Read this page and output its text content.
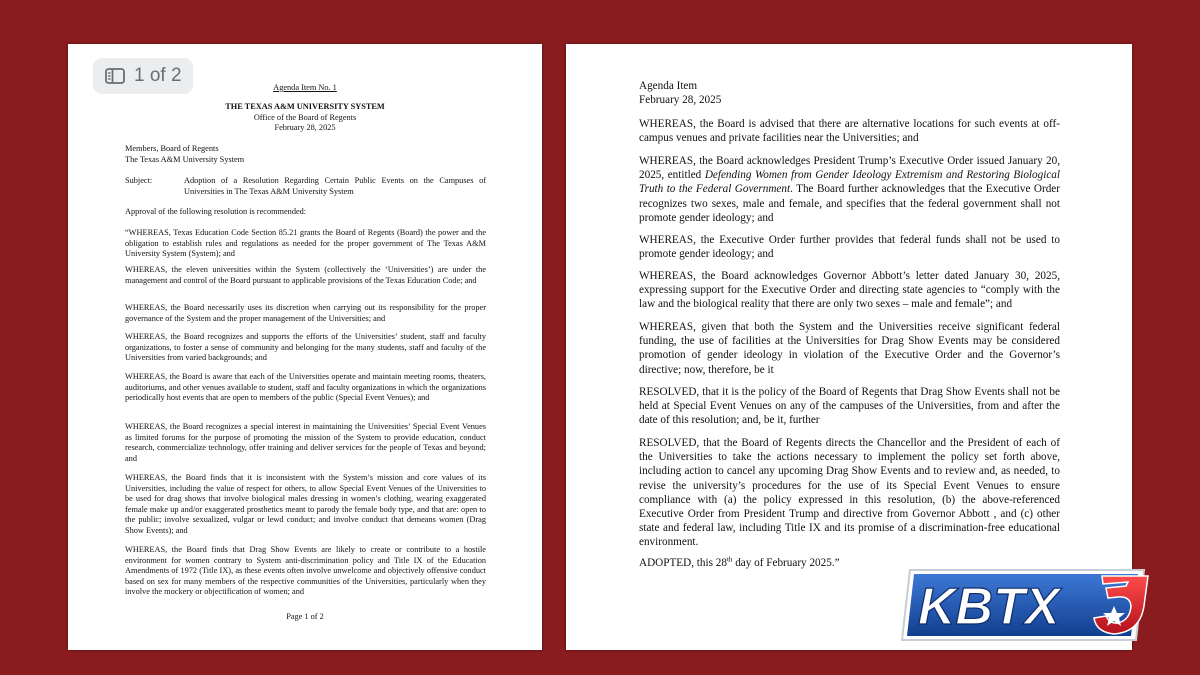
Agenda Item No. 1
THE TEXAS A&M UNIVERSITY SYSTEM
Office of the Board of Regents
February 28, 2025
Members, Board of Regents
The Texas A&M University System
Subject:	Adoption of a Resolution Regarding Certain Public Events on the Campuses of Universities in The Texas A&M University System
Approval of the following resolution is recommended:
“WHEREAS, Texas Education Code Section 85.21 grants the Board of Regents (Board) the power and the obligation to establish rules and regulations as needed for the proper government of The Texas A&M University System (System); and
WHEREAS, the eleven universities within the System (collectively the ‘Universities’) are under the management and control of the Board pursuant to applicable provisions of the Texas Education Code; and
WHEREAS, the Board necessarily uses its discretion when carrying out its responsibility for the proper governance of the System and the proper management of the Universities; and
WHEREAS, the Board recognizes and supports the efforts of the Universities’ student, staff and faculty organizations, to foster a sense of community and belonging for the many students, staff and faculty of the Universities from varied backgrounds; and
WHEREAS, the Board is aware that each of the Universities operate and maintain meeting rooms, theaters, auditoriums, and other venues available to student, staff and faculty organizations in which the organizations periodically host events that are open to members of the public (Special Event Venues); and
WHEREAS, the Board recognizes a special interest in maintaining the Universities’ Special Event Venues as limited forums for the purpose of promoting the mission of the System to provide education, conduct research, commercialize technology, offer training and deliver services for the people of Texas and beyond; and
WHEREAS, the Board finds that it is inconsistent with the System’s mission and core values of its Universities, including the value of respect for others, to allow Special Event Venues of the Universities to be used for drag shows that involve biological males dressing in women’s clothing, wearing exaggerated female make up and/or exaggerated prosthetics meant to parody the female body type, and that are: open to the public; involve sexualized, vulgar or lewd conduct; and involve conduct that demeans women (Drag Show Events); and
WHEREAS, the Board finds that Drag Show Events are likely to create or contribute to a hostile environment for women contrary to System anti-discrimination policy and Title IX of the Education Amendments of 1972 (Title IX), as these events often involve unwelcome and objectively offensive conduct based on sex for many members of the respective communities of the Universities, particularly when they involve the mockery or objectification of women; and
Page 1 of 2
1 of 2	Agenda Item
February 28, 2025
WHEREAS, the Board is advised that there are alternative locations for such events at off-campus venues and private facilities near the Universities; and
WHEREAS, the Board acknowledges President Trump’s Executive Order issued January 20, 2025, entitled Defending Women from Gender Ideology Extremism and Restoring Biological Truth to the Federal Government. The Board further acknowledges that the Executive Order recognizes two sexes, male and female, and specifies that the federal government shall not promote gender ideology; and
WHEREAS, the Executive Order further provides that federal funds shall not be used to promote gender ideology; and
WHEREAS, the Board acknowledges Governor Abbott’s letter dated January 30, 2025, expressing support for the Executive Order and directing state agencies to “comply with the law and the biological reality that there are only two sexes – male and female”; and
WHEREAS, given that both the System and the Universities receive significant federal funding, the use of facilities at the Universities for Drag Show Events may be considered promotion of gender ideology in violation of the Executive Order and the Governor’s directive; now, therefore, be it
RESOLVED, that it is the policy of the Board of Regents that Drag Show Events shall not be held at Special Event Venues on any of the campuses of the Universities, from and after the date of this resolution; and, be it, further
RESOLVED, that the Board of Regents directs the Chancellor and the President of each of the Universities to take the actions necessary to implement the policy set forth above, including action to cancel any upcoming Drag Show Events and to review and, as needed, to revise the university’s procedures for the use of its Special Event Venues to ensure compliance with (a) the policy expressed in this resolution, (b) the above-referenced Executive Order from President Trump and directive from Governor Abbott , and (c) other state and federal law, including Title IX and its promise of a discrimination-free educational environment.
ADOPTED, this 28th day of February 2025.”
KBTX
3
